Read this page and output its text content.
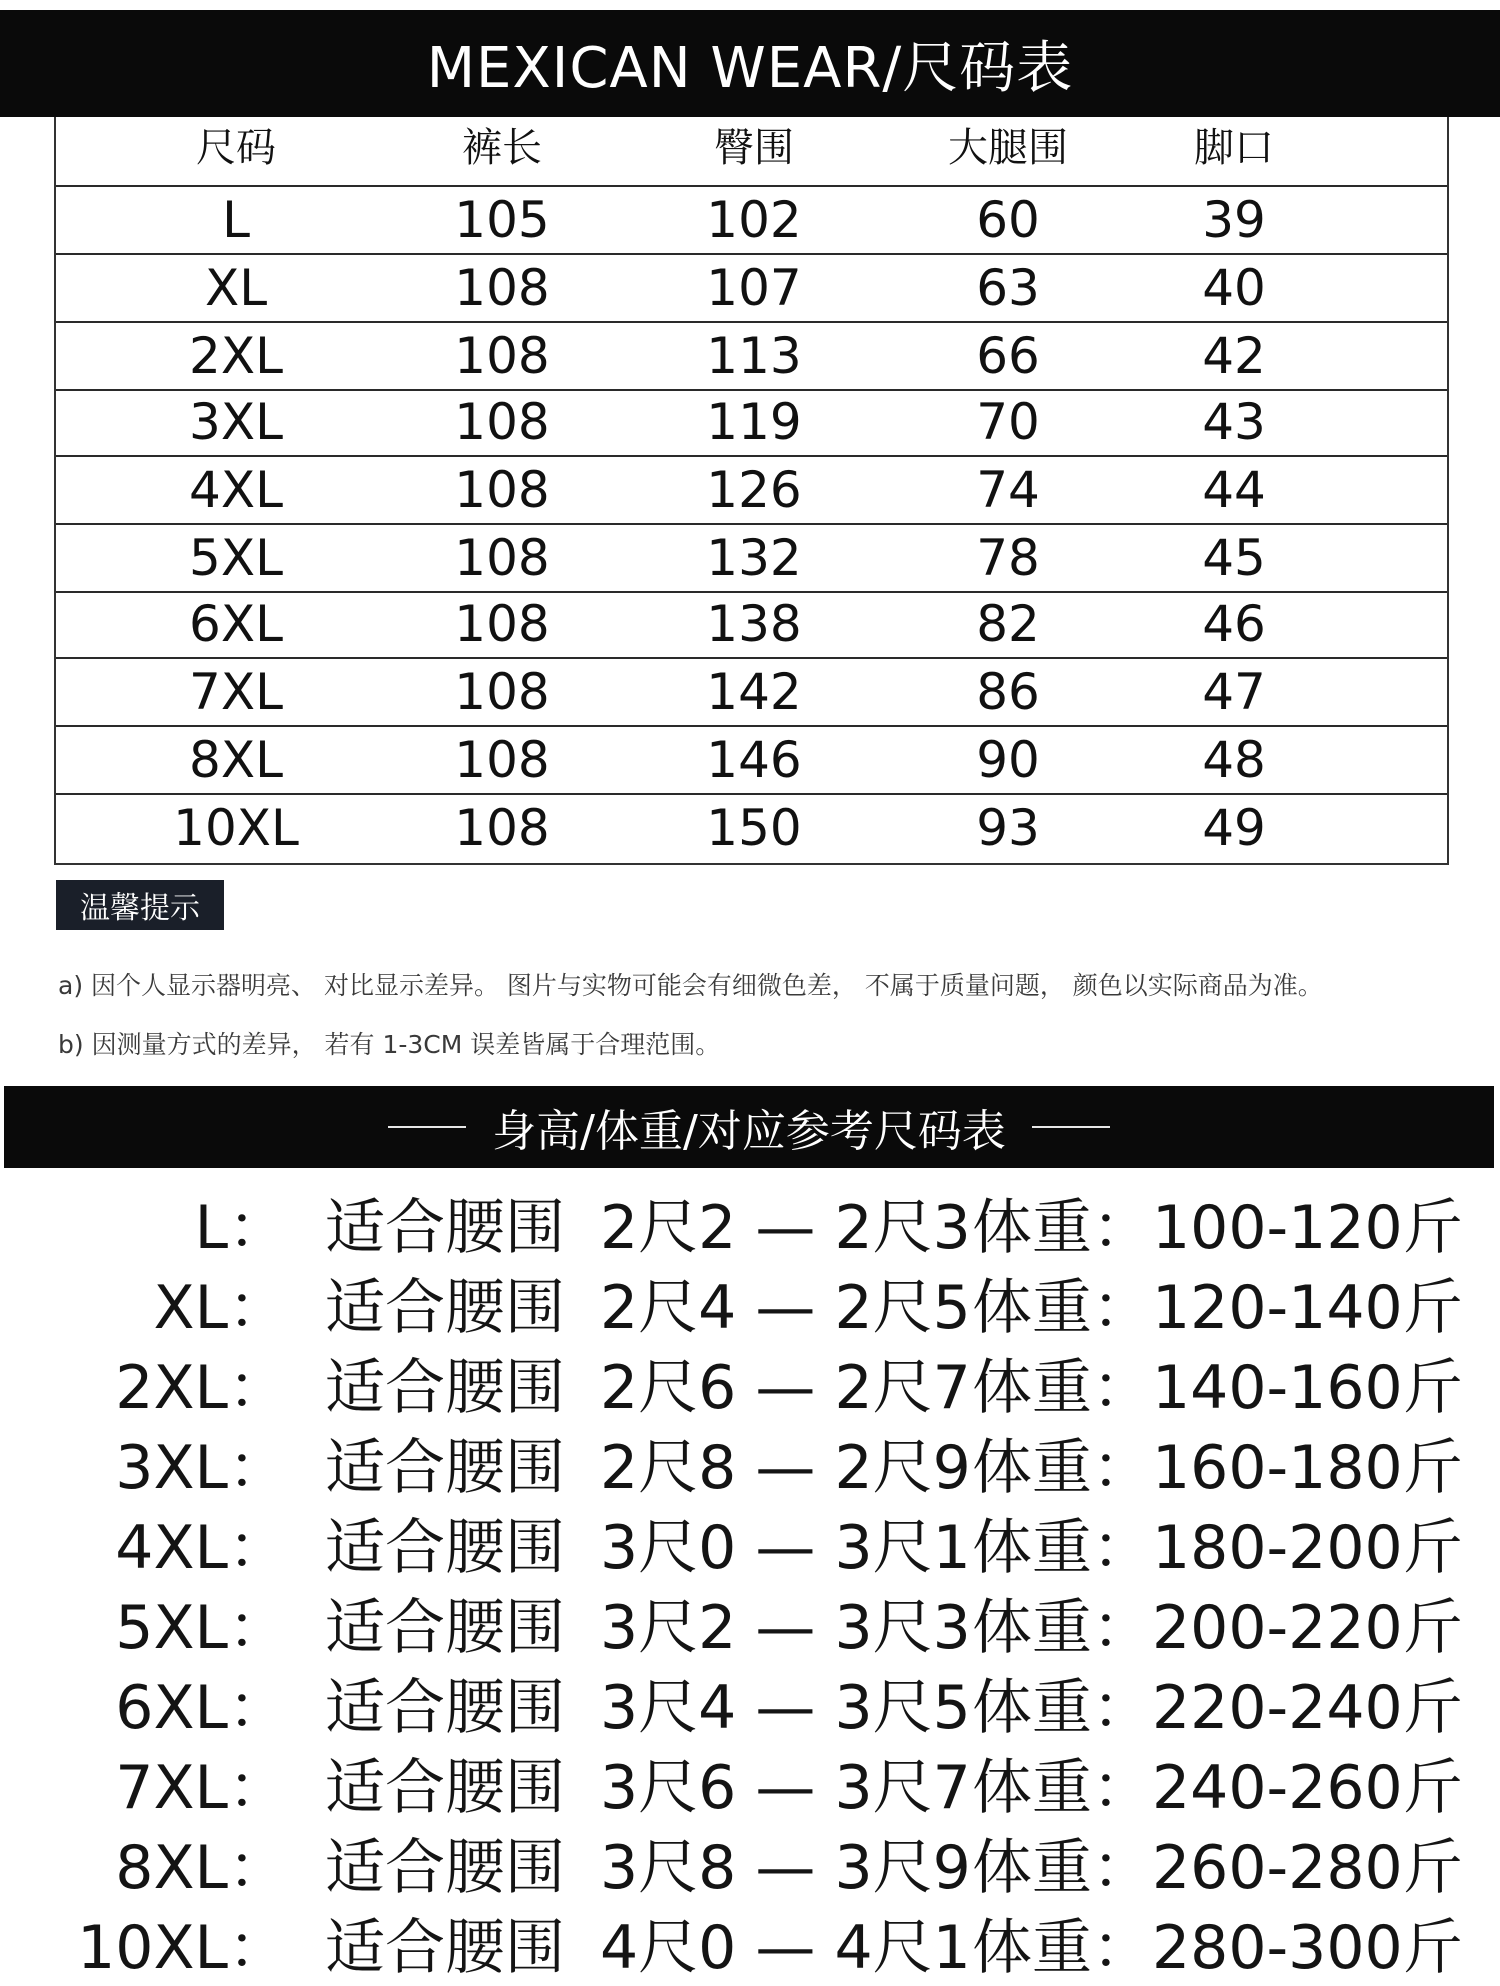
MEXICAN WEAR/尺码表
尺码	裤长	臀围	大腿围	脚口
L	105	102	60	39
XL	108	107	63	40
2XL	108	113	66	42
3XL	108	119	70	43
4XL	108	126	74	44
5XL	108	132	78	45
6XL	108	138	82	46
7XL	108	142	86	47
8XL	108	146	90	48
10XL	108	150	93	49
温馨提示
a) 因个人显示器明亮、 对比显示差异。 图片与实物可能会有细微色差， 不属于质量问题， 颜色以实际商品为准。
b) 因测量方式的差异， 若有 1-3CM 误差皆属于合理范围。
身高/体重/对应参考尺码表
L： 适合腰围 2尺2 — 2尺3 体重： 100-120斤
XL： 适合腰围 2尺4 — 2尺5 体重： 120-140斤
2XL： 适合腰围 2尺6 — 2尺7 体重： 140-160斤
3XL： 适合腰围 2尺8 — 2尺9 体重： 160-180斤
4XL： 适合腰围 3尺0 — 3尺1 体重： 180-200斤
5XL： 适合腰围 3尺2 — 3尺3 体重： 200-220斤
6XL： 适合腰围 3尺4 — 3尺5 体重： 220-240斤
7XL： 适合腰围 3尺6 — 3尺7 体重： 240-260斤
8XL： 适合腰围 3尺8 — 3尺9 体重： 260-280斤
10XL： 适合腰围 4尺0 — 4尺1 体重： 280-300斤
